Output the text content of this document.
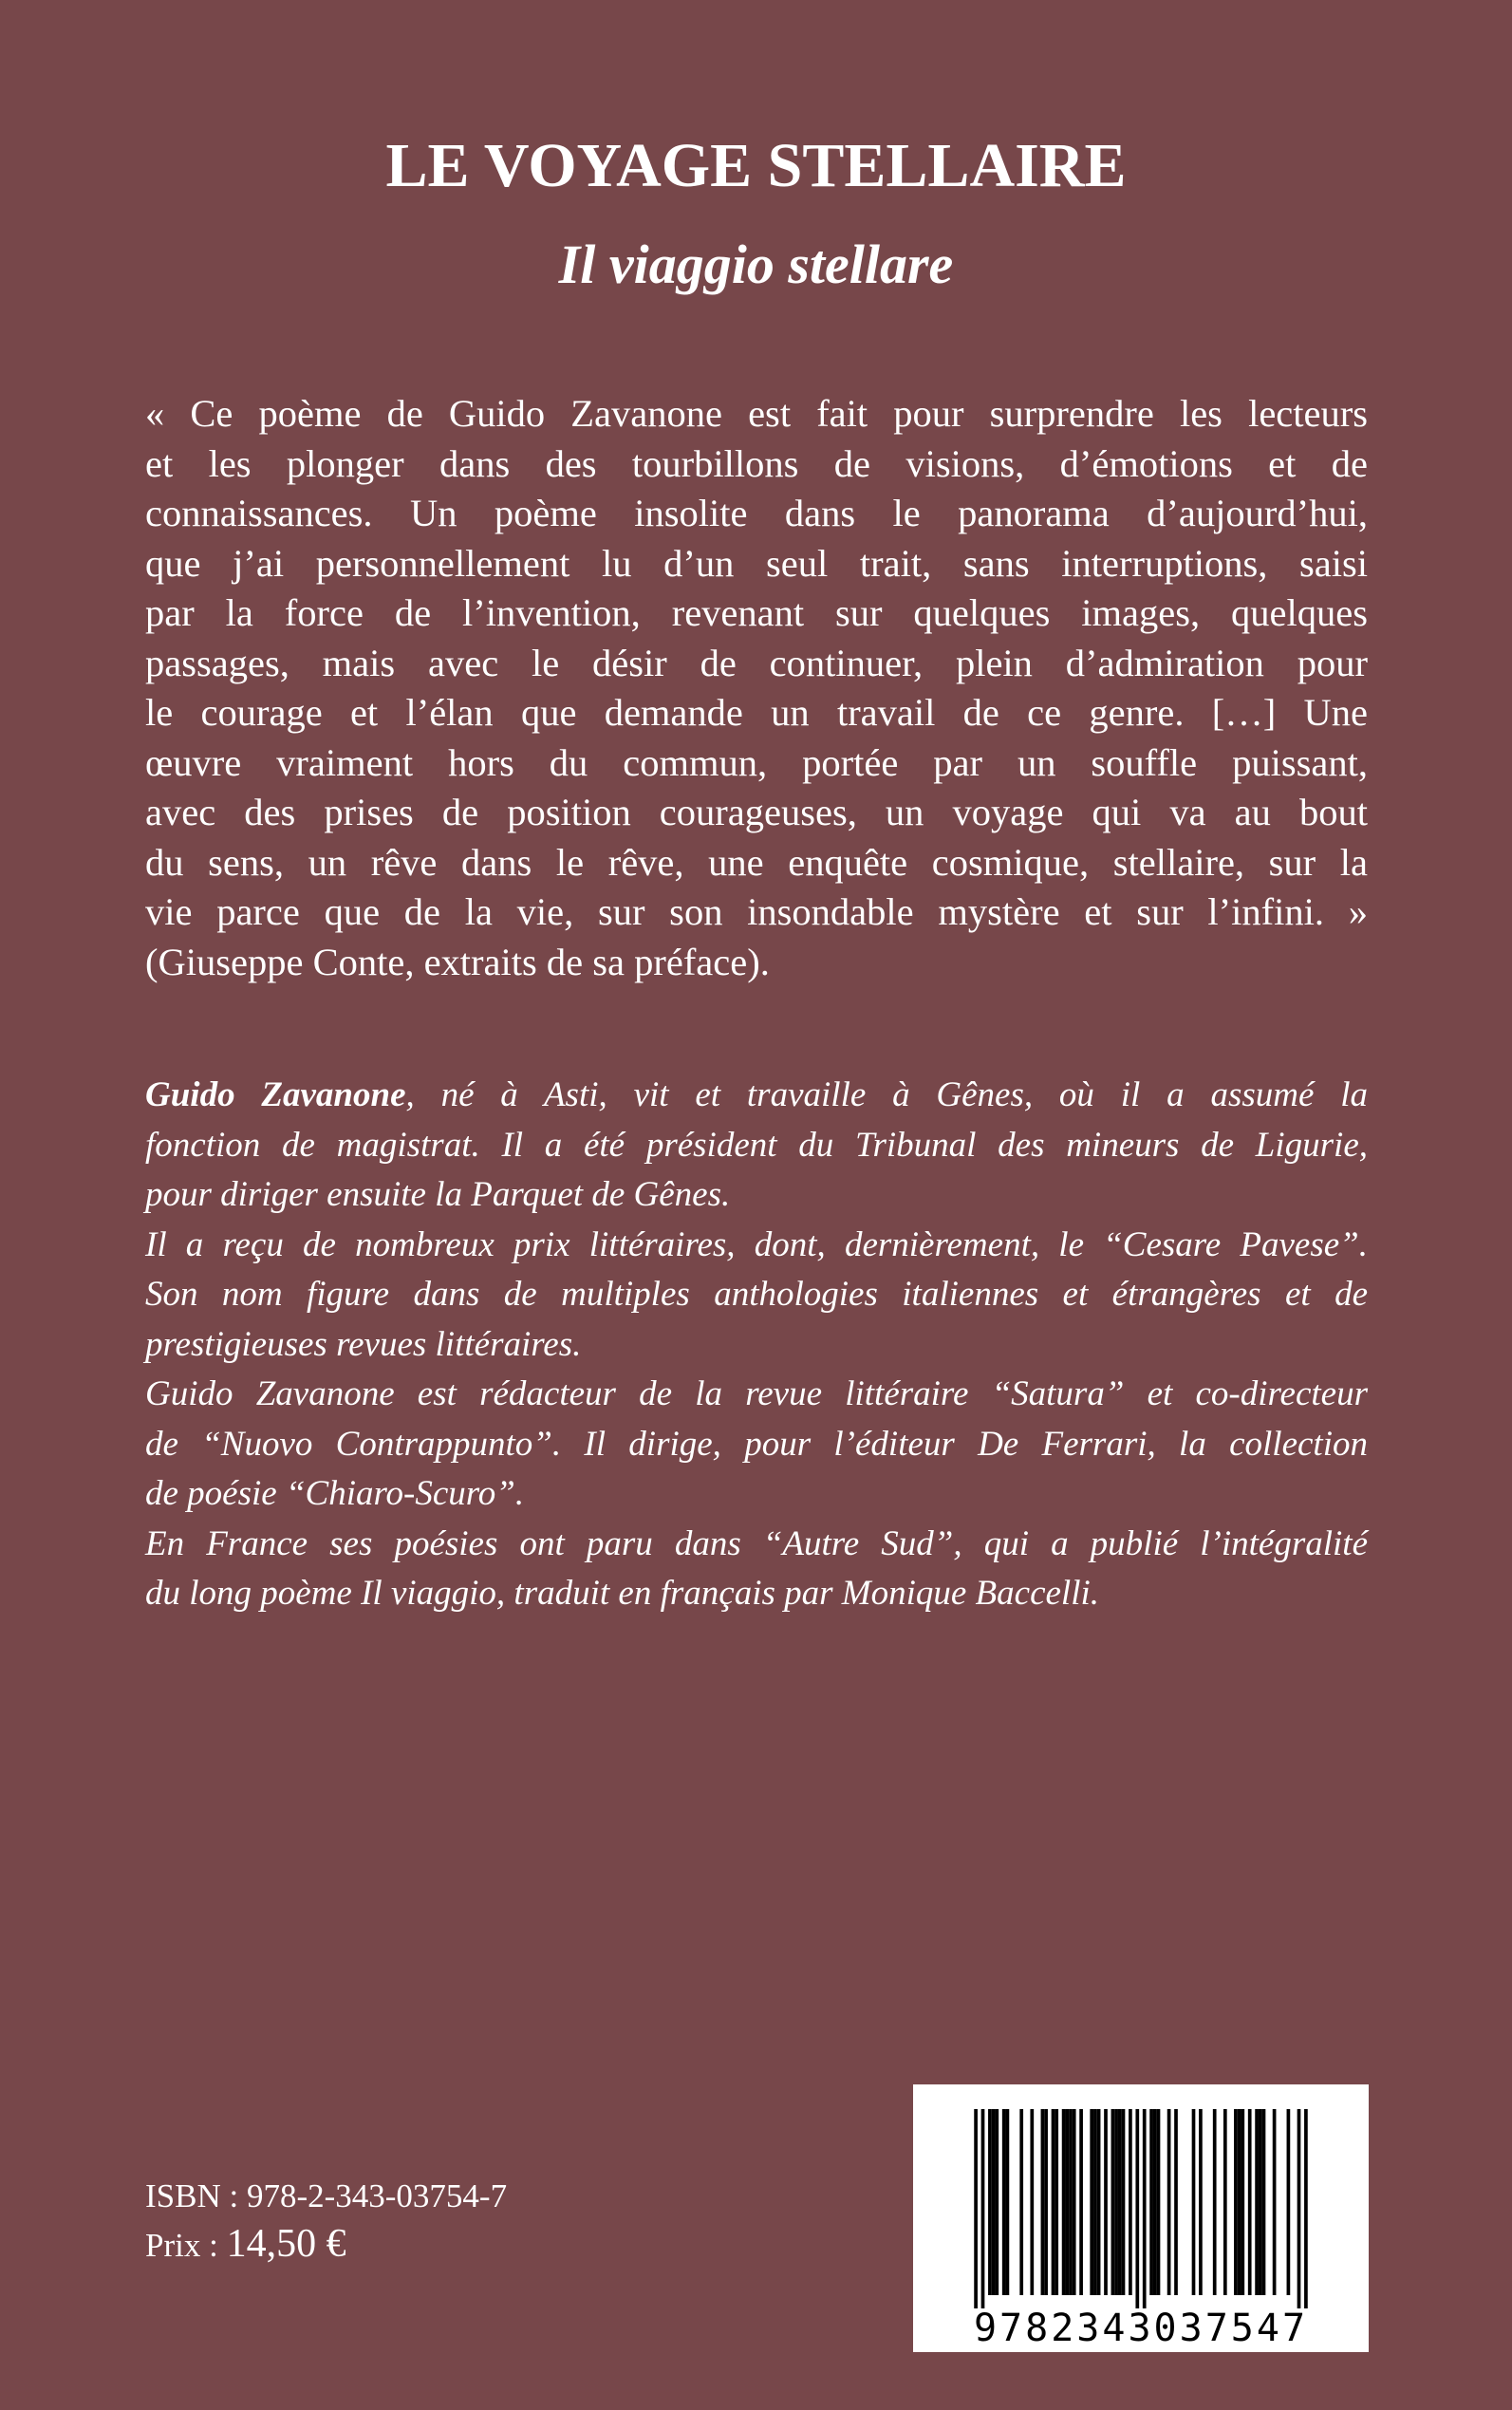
LE VOYAGE STELLAIRE
Il viaggio stellare
« Ce poème de Guido Zavanone est fait pour surprendre les lecteurs
et les plonger dans des tourbillons de visions, d’émotions et de
connaissances. Un poème insolite dans le panorama d’aujourd’hui,
que j’ai personnellement lu d’un seul trait, sans interruptions, saisi
par la force de l’invention, revenant sur quelques images, quelques
passages, mais avec le désir de continuer, plein d’admiration pour
le courage et l’élan que demande un travail de ce genre. […] Une
œuvre vraiment hors du commun, portée par un souffle puissant,
avec des prises de position courageuses, un voyage qui va au bout
du sens, un rêve dans le rêve, une enquête cosmique, stellaire, sur la
vie parce que de la vie, sur son insondable mystère et sur l’infini. »
(Giuseppe Conte, extraits de sa préface).
Guido Zavanone, né à Asti, vit et travaille à Gênes, où il a assumé la
fonction de magistrat. Il a été président du Tribunal des mineurs de Ligurie,
pour diriger ensuite la Parquet de Gênes.
Il a reçu de nombreux prix littéraires, dont, dernièrement, le “Cesare Pavese”.
Son nom figure dans de multiples anthologies italiennes et étrangères et de
prestigieuses revues littéraires.
Guido Zavanone est rédacteur de la revue littéraire “Satura” et co-directeur
de “Nuovo Contrappunto”. Il dirige, pour l’éditeur De Ferrari, la collection
de poésie “Chiaro-Scuro”.
En France ses poésies ont paru dans “Autre Sud”, qui a publié l’intégralité
du long poème Il viaggio, traduit en français par Monique Baccelli.

ISBN : 978-2-343-03754-7

Prix : 14,50 €

9782343037547
